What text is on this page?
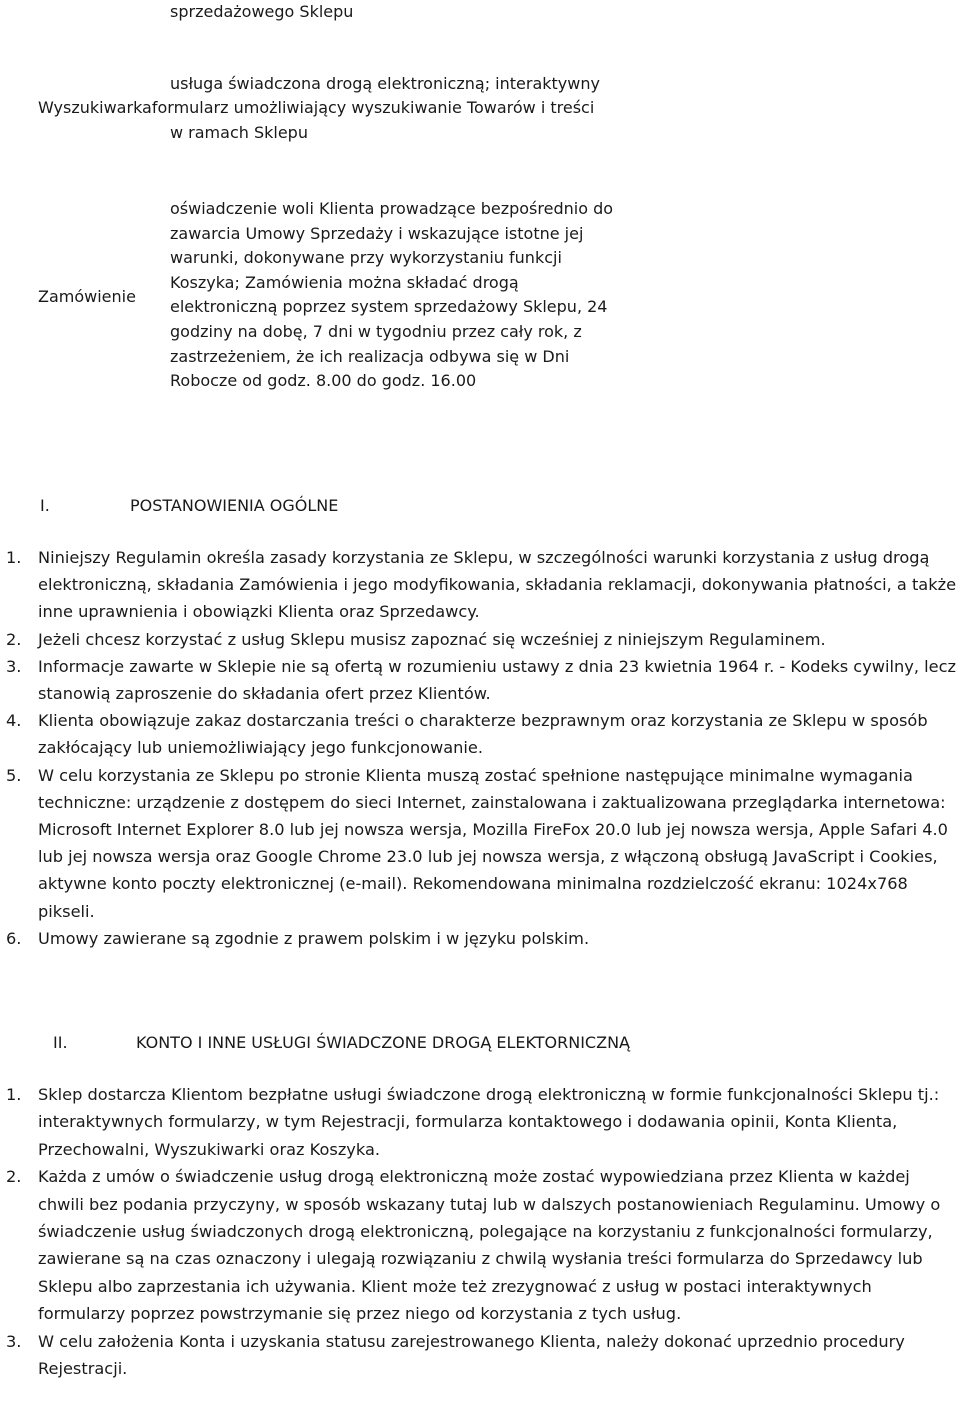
sprzedażowego Sklepu
usługa świadczona drogą elektroniczną; interaktywny
Wyszukiwarkaformularz umożliwiający wyszukiwanie Towarów i treści
w ramach Sklepu
Zamówienie
oświadczenie woli Klienta prowadzące bezpośrednio do
zawarcia Umowy Sprzedaży i wskazujące istotne jej
warunki, dokonywane przy wykorzystaniu funkcji
Koszyka; Zamówienia można składać drogą
elektroniczną poprzez system sprzedażowy Sklepu, 24
godziny na dobę, 7 dni w tygodniu przez cały rok, z
zastrzeżeniem, że ich realizacja odbywa się w Dni
Robocze od godz. 8.00 do godz. 16.00
I.	POSTANOWIENIA OGÓLNE
1. Niniejszy Regulamin określa zasady korzystania ze Sklepu, w szczególności warunki korzystania z usług drogą elektroniczną, składania Zamówienia i jego modyfikowania, składania reklamacji, dokonywania płatności, a także inne uprawnienia i obowiązki Klienta oraz Sprzedawcy.
2. Jeżeli chcesz korzystać z usług Sklepu musisz zapoznać się wcześniej z niniejszym Regulaminem.
3. Informacje zawarte w Sklepie nie są ofertą w rozumieniu ustawy z dnia 23 kwietnia 1964 r. - Kodeks cywilny, lecz stanowią zaproszenie do składania ofert przez Klientów.
4. Klienta obowiązuje zakaz dostarczania treści o charakterze bezprawnym oraz korzystania ze Sklepu w sposób zakłócający lub uniemożliwiający jego funkcjonowanie.
5. W celu korzystania ze Sklepu po stronie Klienta muszą zostać spełnione następujące minimalne wymagania techniczne: urządzenie z dostępem do sieci Internet, zainstalowana i zaktualizowana przeglądarka internetowa: Microsoft Internet Explorer 8.0 lub jej nowsza wersja, Mozilla FireFox 20.0 lub jej nowsza wersja, Apple Safari 4.0 lub jej nowsza wersja oraz Google Chrome 23.0 lub jej nowsza wersja, z włączoną obsługą JavaScript i Cookies, aktywne konto poczty elektronicznej (e-mail). Rekomendowana minimalna rozdzielczość ekranu: 1024x768 pikseli.
6. Umowy zawierane są zgodnie z prawem polskim i w języku polskim.
II.	KONTO I INNE USŁUGI ŚWIADCZONE DROGĄ ELEKTORNICZNĄ
1. Sklep dostarcza Klientom bezpłatne usługi świadczone drogą elektroniczną w formie funkcjonalności Sklepu tj.: interaktywnych formularzy, w tym Rejestracji, formularza kontaktowego i dodawania opinii, Konta Klienta, Przechowalni, Wyszukiwarki oraz Koszyka.
2. Każda z umów o świadczenie usług drogą elektroniczną może zostać wypowiedziana przez Klienta w każdej chwili bez podania przyczyny, w sposób wskazany tutaj lub w dalszych postanowieniach Regulaminu. Umowy o świadczenie usług świadczonych drogą elektroniczną, polegające na korzystaniu z funkcjonalności formularzy, zawierane są na czas oznaczony i ulegają rozwiązaniu z chwilą wysłania treści formularza do Sprzedawcy lub Sklepu albo zaprzestania ich używania. Klient może też zrezygnować z usług w postaci interaktywnych formularzy poprzez powstrzymanie się przez niego od korzystania z tych usług.
3. W celu założenia Konta i uzyskania statusu zarejestrowanego Klienta, należy dokonać uprzednio procedury Rejestracji.
